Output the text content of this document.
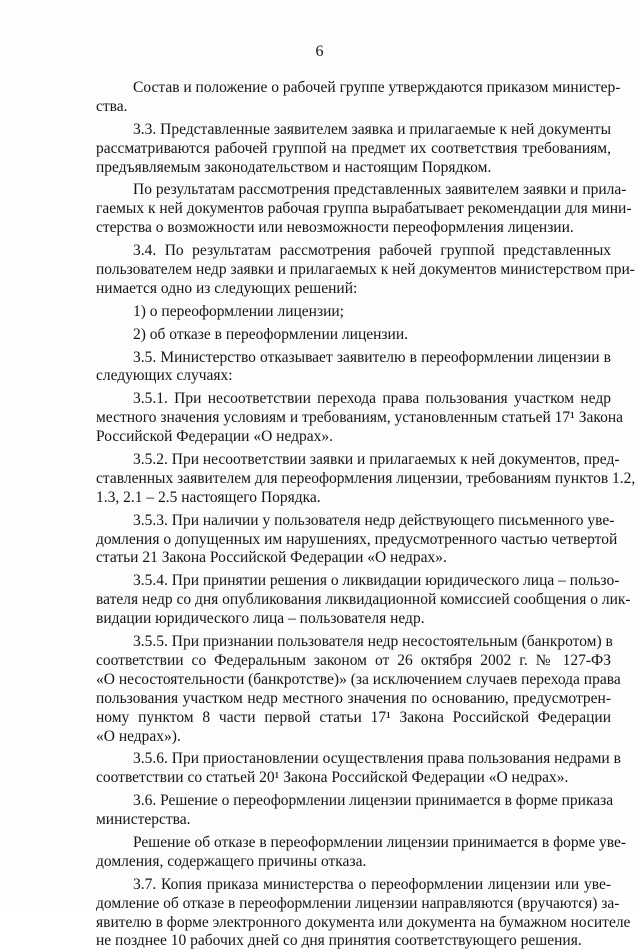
6
Состав и положение о рабочей группе утверждаются приказом министер-
ства.
3.3. Представленные заявителем заявка и прилагаемые к ней документы
рассматриваются рабочей группой на предмет их соответствия требованиям,
предъявляемым законодательством и настоящим Порядком.
По результатам рассмотрения представленных заявителем заявки и прила-
гаемых к ней документов рабочая группа вырабатывает рекомендации для мини-
стерства о возможности или невозможности переоформления лицензии.
3.4. По результатам рассмотрения рабочей группой представленных
пользователем недр заявки и прилагаемых к ней документов министерством при-
нимается одно из следующих решений:
1) о переоформлении лицензии;
2) об отказе в переоформлении лицензии.
3.5. Министерство отказывает заявителю в переоформлении лицензии в
следующих случаях:
3.5.1. При несоответствии перехода права пользования участком недр
местного значения условиям и требованиям, установленным статьей 17¹ Закона
Российской Федерации «О недрах».
3.5.2. При несоответствии заявки и прилагаемых к ней документов, пред-
ставленных заявителем для переоформления лицензии, требованиям пунктов 1.2,
1.3, 2.1 – 2.5 настоящего Порядка.
3.5.3. При наличии у пользователя недр действующего письменного уве-
домления о допущенных им нарушениях, предусмотренного частью четвертой
статьи 21 Закона Российской Федерации «О недрах».
3.5.4. При принятии решения о ликвидации юридического лица – пользо-
вателя недр со дня опубликования ликвидационной комиссией сообщения о лик-
видации юридического лица – пользователя недр.
3.5.5. При признании пользователя недр несостоятельным (банкротом) в
соответствии со Федеральным законом от 26 октября 2002 г. № 127-ФЗ
«О несостоятельности (банкротстве)» (за исключением случаев перехода права
пользования участком недр местного значения по основанию, предусмотрен-
ному пунктом 8 части первой статьи 17¹ Закона Российской Федерации
«О недрах»).
3.5.6. При приостановлении осуществления права пользования недрами в
соответствии со статьей 20¹ Закона Российской Федерации «О недрах».
3.6. Решение о переоформлении лицензии принимается в форме приказа
министерства.
Решение об отказе в переоформлении лицензии принимается в форме уве-
домления, содержащего причины отказа.
3.7. Копия приказа министерства о переоформлении лицензии или уве-
домление об отказе в переоформлении лицензии направляются (вручаются) за-
явителю в форме электронного документа или документа на бумажном носителе
не позднее 10 рабочих дней со дня принятия соответствующего решения.
